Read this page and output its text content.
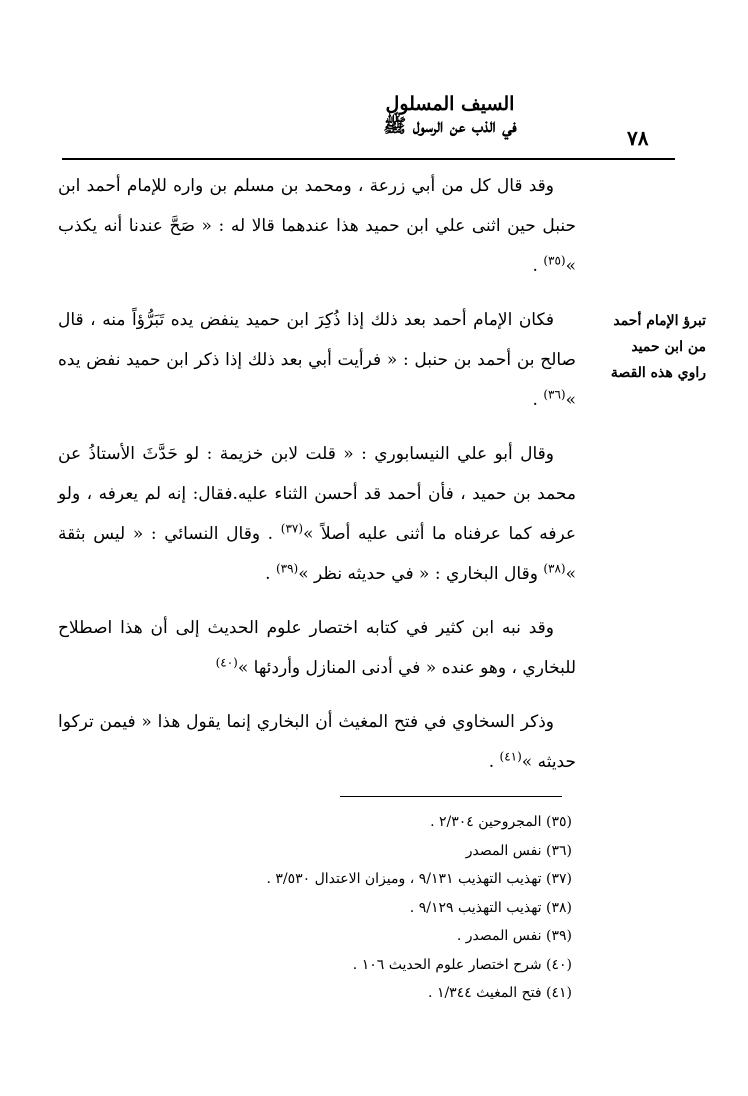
السيف المسلول
في الذب عن الرسول ﷺ
٧٨
تبرؤ الإمام أحمد
من ابن حميد
راوي هذه القصة

وقد قال كل من أبي زرعة ، ومحمد بن مسلم بن واره للإمام أحمد ابن حنبل حين اثنى علي ابن حميد هذا عندهما قالا له : « صَحَّ عندنا أنه يكذب »$^{(٣٥)}$ .

فكان الإمام أحمد بعد ذلك إذا ذُكِرَ ابن حميد ينفض يده تَبَرُّؤاً منه ، قال صالح بن أحمد بن حنبل : « فرأيت أبي بعد ذلك إذا ذكر ابن حميد نفض يده »$^{(٣٦)}$ .

وقال أبو علي النيسابوري : « قلت لابن خزيمة : لو حَدَّثَ الأستاذُ عن محمد بن حميد ، فأن أحمد قد أحسن الثناء عليه.فقال: إنه لم يعرفه ، ولو عرفه كما عرفناه ما أثنى عليه أصلاً »$^{(٣٧)}$ . وقال النسائي : « ليس بثقة »$^{(٣٨)}$ وقال البخاري : « في حديثه نظر »$^{(٣٩)}$ .

وقد نبه ابن كثير في كتابه اختصار علوم الحديث إلى أن هذا اصطلاح للبخاري ، وهو عنده « في أدنى المنازل وأردئها »$^{(٤٠)}$

وذكر السخاوي في فتح المغيث أن البخاري إنما يقول هذا « فيمن تركوا حديثه »$^{(٤١)}$ .

(٣٥) المجروحين ٢/٣٠٤ .
(٣٦) نفس المصدر
(٣٧) تهذيب التهذيب ٩/١٣١ ، وميزان الاعتدال ٣/٥٣٠ .
(٣٨) تهذيب التهذيب ٩/١٢٩ .
(٣٩) نفس المصدر .
(٤٠) شرح اختصار علوم الحديث ١٠٦ .
(٤١) فتح المغيث ١/٣٤٤ .
